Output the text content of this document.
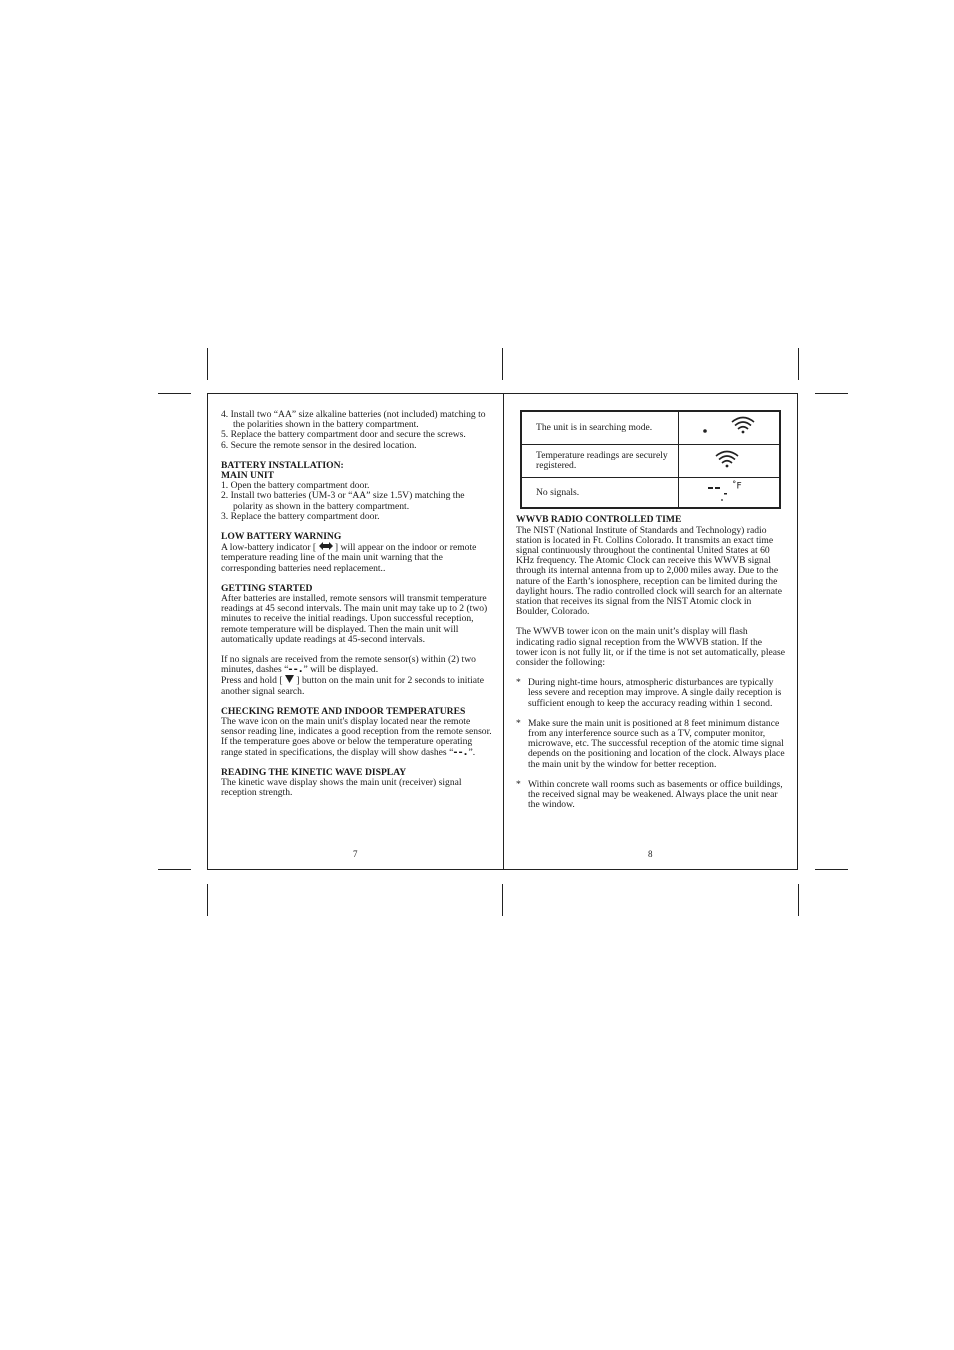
4. Install two “AA” size alkaline batteries (not included) matching to the polarities shown in the battery compartment.
5. Replace the battery compartment door and secure the screws.
6. Secure the remote sensor in the desired location.

BATTERY INSTALLATION:

MAIN UNIT

1. Open the battery compartment door.
2. Install two batteries (UM-3 or “AA” size 1.5V) matching the polarity as shown in the battery compartment.
3. Replace the battery compartment door.

LOW BATTERY WARNING

A low-battery indicator [ ] will appear on the indoor or remote temperature reading line of the main unit warning that the corresponding batteries need replacement..

GETTING STARTED

After batteries are installed, remote sensors will transmit temperature readings at 45 second intervals. The main unit may take up to 2 (two) minutes to receive the initial readings. Upon successful reception, remote temperature will be displayed. Then the main unit will automatically update readings at 45-second intervals.

If no signals are received from the remote sensor(s) within (2) two minutes, dashes “--.” will be displayed.
Press and hold [ ] button on the main unit for 2 seconds to initiate another signal search.

CHECKING REMOTE AND INDOOR TEMPERATURES

The wave icon on the main unit's display located near the remote sensor reading line, indicates a good reception from the remote sensor. If the temperature goes above or below the temperature operating range stated in specifications, the display will show dashes “--.”.

READING THE KINETIC WAVE DISPLAY

The kinetic wave display shows the main unit (receiver) signal reception strength.

7
The unit is in searching mode.	
Temperature readings are securely registered.	
No signals.	˚F

WWVB RADIO CONTROLLED TIME

The NIST (National Institute of Standards and Technology) radio station is located in Ft. Collins Colorado. It transmits an exact time signal continuously throughout the continental United States at 60 KHz frequency. The Atomic Clock can receive this WWVB signal through its internal antenna from up to 2,000 miles away. Due to the nature of the Earth’s ionosphere, reception can be limited during the daylight hours. The radio controlled clock will search for an alternate station that receives its signal from the NIST Atomic clock in Boulder, Colorado.

The WWVB tower icon on the main unit’s display will flash indicating radio signal reception from the WWVB station. If the tower icon is not fully lit, or if the time is not set automatically, please consider the following:

* During night-time hours, atmospheric disturbances are typically less severe and reception may improve. A single daily reception is sufficient enough to keep the accuracy reading within 1 second.
* Make sure the main unit is positioned at 8 feet minimum distance from any interference source such as a TV, computer monitor, microwave, etc. The successful reception of the atomic time signal depends on the positioning and location of the clock. Always place the main unit by the window for better reception.
* Within concrete wall rooms such as basements or office buildings, the received signal may be weakened. Always place the unit near the window.
8
